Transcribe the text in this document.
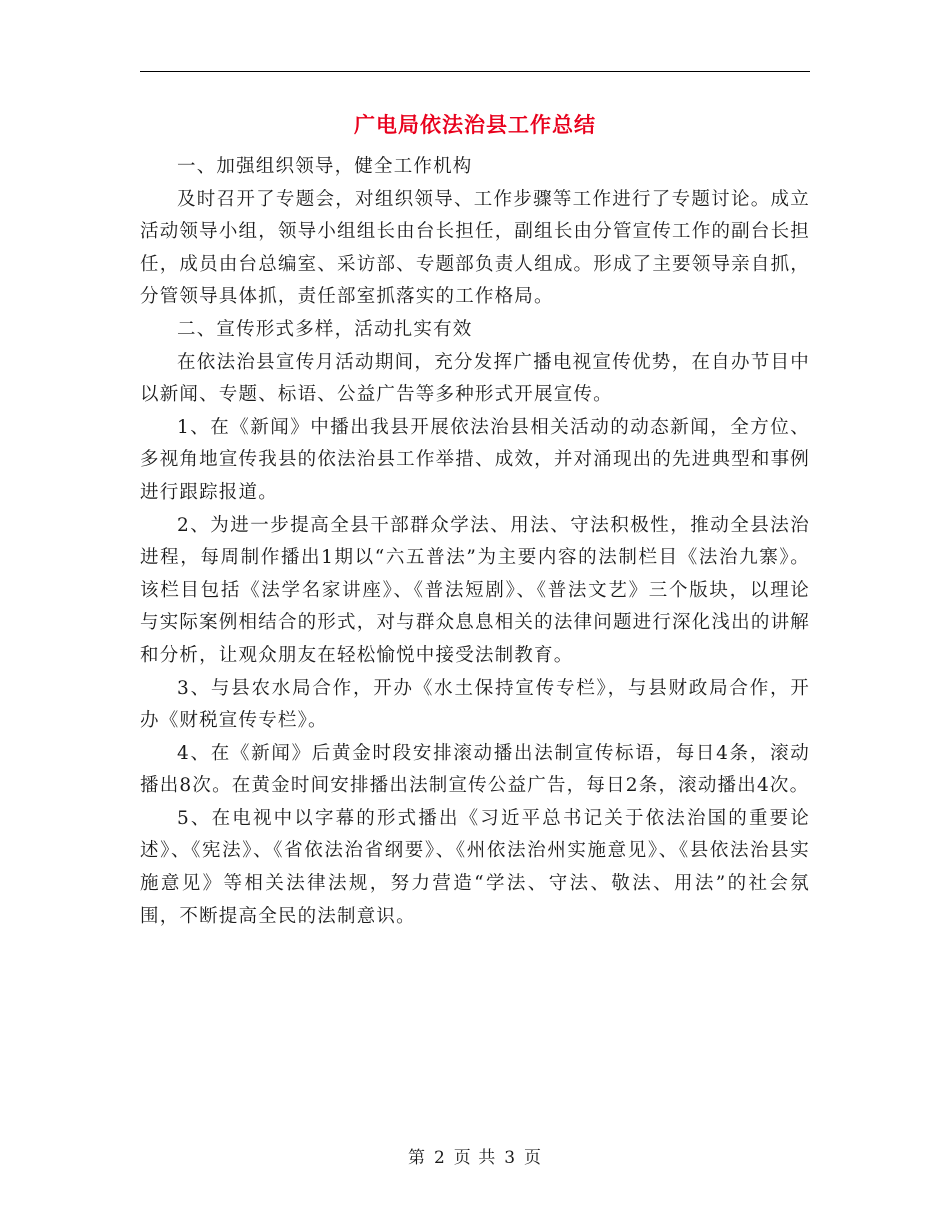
广电局依法治县工作总结

一、加强组织领导，健全工作机构

及时召开了专题会，对组织领导、工作步骤等工作进行了专题讨论。成立活动领导小组，领导小组组长由台长担任，副组长由分管宣传工作的副台长担任，成员由台总编室、采访部、专题部负责人组成。形成了主要领导亲自抓，分管领导具体抓，责任部室抓落实的工作格局。

二、宣传形式多样，活动扎实有效

在依法治县宣传月活动期间，充分发挥广播电视宣传优势，在自办节目中以新闻、专题、标语、公益广告等多种形式开展宣传。

1、在《新闻》中播出我县开展依法治县相关活动的动态新闻，全方位、多视角地宣传我县的依法治县工作举措、成效，并对涌现出的先进典型和事例进行跟踪报道。

2、为进一步提高全县干部群众学法、用法、守法积极性，推动全县法治进程，每周制作播出1期以“六五普法”为主要内容的法制栏目《法治九寨》。该栏目包括《法学名家讲座》、《普法短剧》、《普法文艺》三个版块，以理论与实际案例相结合的形式，对与群众息息相关的法律问题进行深化浅出的讲解和分析，让观众朋友在轻松愉悦中接受法制教育。

3、与县农水局合作，开办《水土保持宣传专栏》，与县财政局合作，开办《财税宣传专栏》。

4、在《新闻》后黄金时段安排滚动播出法制宣传标语，每日4条，滚动播出8次。在黄金时间安排播出法制宣传公益广告，每日2条，滚动播出4次。

5、在电视中以字幕的形式播出《习近平总书记关于依法治国的重要论述》、《宪法》、《省依法治省纲要》、《州依法治州实施意见》、《县依法治县实施意见》等相关法律法规，努力营造“学法、守法、敬法、用法”的社会氛围，不断提高全民的法制意识。

第 2 页 共 3 页
